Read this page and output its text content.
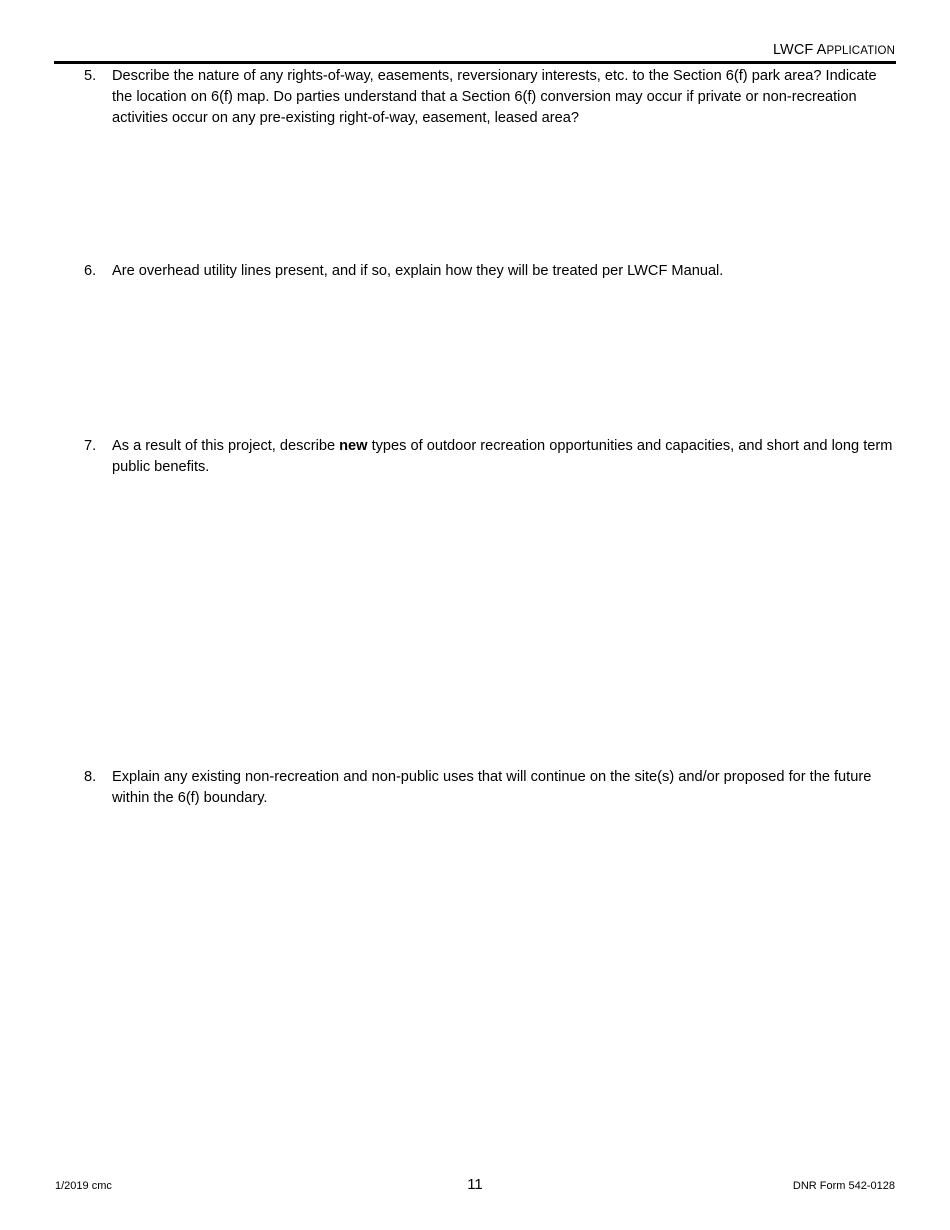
LWCF APPLICATION
5.	Describe the nature of any rights-of-way, easements, reversionary interests, etc. to the Section 6(f) park area? Indicate the location on 6(f) map. Do parties understand that a Section 6(f) conversion may occur if private or non-recreation activities occur on any pre-existing right-of-way, easement, leased area?
6.	Are overhead utility lines present, and if so, explain how they will be treated per LWCF Manual.
7.	As a result of this project, describe new types of outdoor recreation opportunities and capacities, and short and long term public benefits.
8.	Explain any existing non-recreation and non-public uses that will continue on the site(s) and/or proposed for the future within the 6(f) boundary.
1/2019 cmc	11	DNR Form 542-0128
